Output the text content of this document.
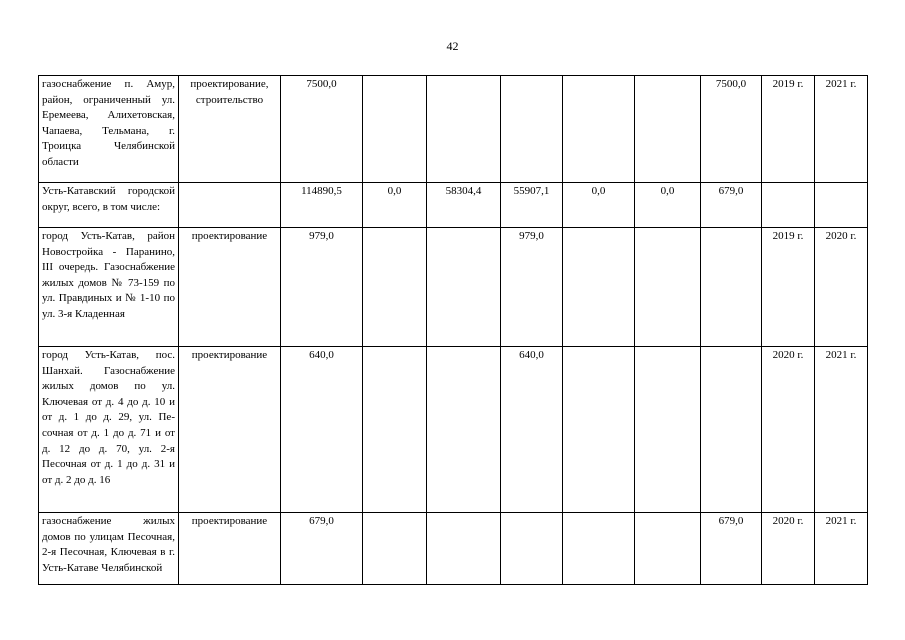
42
газоснабжение п. Амур, район, ограниченный ул. Еремеева, Алихетовская, Чапаева, Тельмана, г. Троицка Челябинской области	проектирование, строительство	7500,0						7500,0	2019 г.	2021 г.
Усть-Катавский городской округ, всего, в том числе:		114890,5	0,0	58304,4	55907,1	0,0	0,0	679,0		
город Усть-Катав, район Новостройка - Паранино, III очередь. Газоснабжение жилых домов № 73-159 по ул. Правдиных и № 1-10 по ул. 3-я Кладенная	проектирование	979,0			979,0				2019 г.	2020 г.
город Усть-Катав, пос. Шанхай. Газоснабжение жилых домов по ул. Ключевая от д. 4 до д. 10 и от д. 1 до д. 29, ул. Песочная от д. 1 до д. 71 и от д. 12 до д. 70, ул. 2-я Песочная от д. 1 до д. 31 и от д. 2 до д. 16	проектирование	640,0			640,0				2020 г.	2021 г.
газоснабжение жилых домов по улицам Песочная, 2-я Песочная, Ключевая в г. Усть-Катаве Челябинской	проектирование	679,0						679,0	2020 г.	2021 г.
